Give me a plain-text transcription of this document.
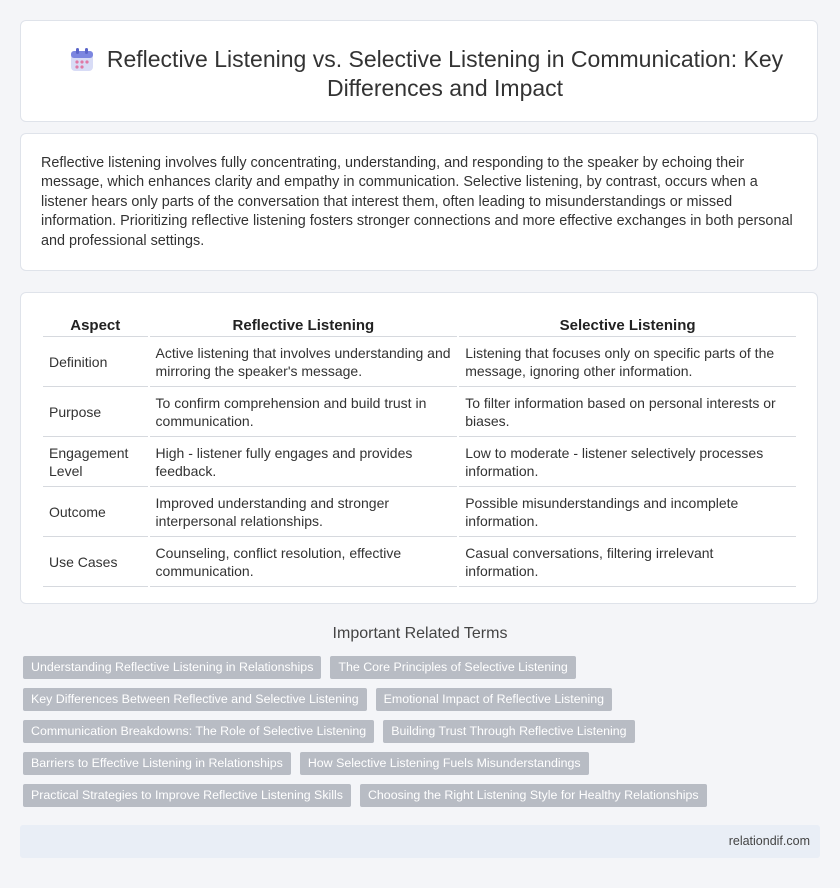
Reflective Listening vs. Selective Listening in Communication: Key Differences and Impact

Reflective listening involves fully concentrating, understanding, and responding to the speaker by echoing their message, which enhances clarity and empathy in communication. Selective listening, by contrast, occurs when a listener hears only parts of the conversation that interest them, often leading to misunderstandings or missed information. Prioritizing reflective listening fosters stronger connections and more effective exchanges in both personal and professional settings.

Aspect	Reflective Listening	Selective Listening
Definition	Active listening that involves understanding and mirroring the speaker's message.	Listening that focuses only on specific parts of the message, ignoring other information.
Purpose	To confirm comprehension and build trust in communication.	To filter information based on personal interests or biases.
Engagement Level	High - listener fully engages and provides feedback.	Low to moderate - listener selectively processes information.
Outcome	Improved understanding and stronger interpersonal relationships.	Possible misunderstandings and incomplete information.
Use Cases	Counseling, conflict resolution, effective communication.	Casual conversations, filtering irrelevant information.
Important Related Terms
Understanding Reflective Listening in Relationships	The Core Principles of Selective Listening
Key Differences Between Reflective and Selective Listening	Emotional Impact of Reflective Listening
Communication Breakdowns: The Role of Selective Listening	Building Trust Through Reflective Listening
Barriers to Effective Listening in Relationships	How Selective Listening Fuels Misunderstandings
Practical Strategies to Improve Reflective Listening Skills	Choosing the Right Listening Style for Healthy Relationships
relationdif.com
